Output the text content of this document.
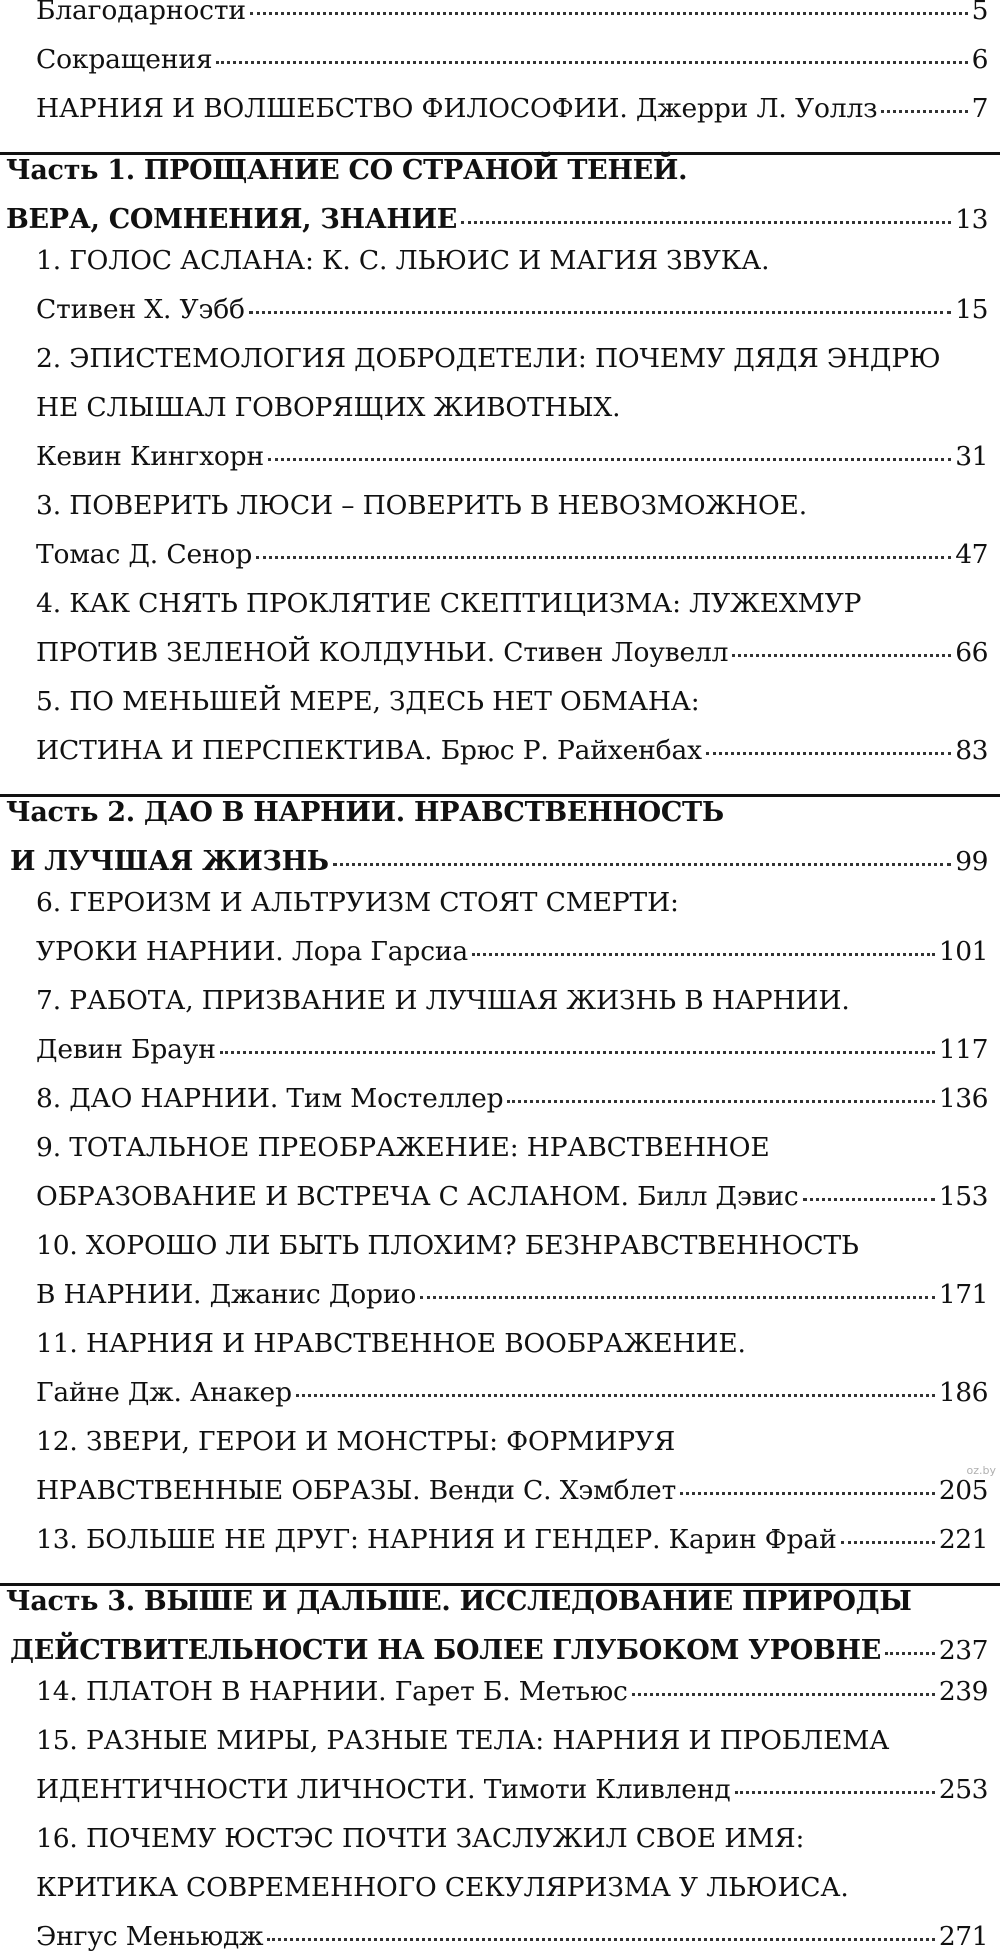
Благодарности	5
Сокращения	6
НАРНИЯ И ВОЛШЕБСТВО ФИЛОСОФИИ. Джерри Л. Уоллз	7
Часть 1. ПРОЩАНИЕ СО СТРАНОЙ ТЕНЕЙ.
ВЕРА, СОМНЕНИЯ, ЗНАНИЕ	13
1. ГОЛОС АСЛАНА: К. С. ЛЬЮИС И МАГИЯ ЗВУКА.
Стивен Х. Уэбб	15
2. ЭПИСТЕМОЛОГИЯ ДОБРОДЕТЕЛИ: ПОЧЕМУ ДЯДЯ ЭНДРЮ
НЕ СЛЫШАЛ ГОВОРЯЩИХ ЖИВОТНЫХ.
Кевин Кингхорн	31
3. ПОВЕРИТЬ ЛЮСИ – ПОВЕРИТЬ В НЕВОЗМОЖНОЕ.
Томас Д. Сенор	47
4. КАК СНЯТЬ ПРОКЛЯТИЕ СКЕПТИЦИЗМА: ЛУЖЕХМУР
ПРОТИВ ЗЕЛЕНОЙ КОЛДУНЬИ. Стивен Лоувелл	66
5. ПО МЕНЬШЕЙ МЕРЕ, ЗДЕСЬ НЕТ ОБМАНА:
ИСТИНА И ПЕРСПЕКТИВА. Брюс Р. Райхенбах	83
Часть 2. ДАО В НАРНИИ. НРАВСТВЕННОСТЬ
И ЛУЧШАЯ ЖИЗНЬ	99
6. ГЕРОИЗМ И АЛЬТРУИЗМ СТОЯТ СМЕРТИ:
УРОКИ НАРНИИ. Лора Гарсиа	101
7. РАБОТА, ПРИЗВАНИЕ И ЛУЧШАЯ ЖИЗНЬ В НАРНИИ.
Девин Браун	117
8. ДАО НАРНИИ. Тим Мостеллер	136
9. ТОТАЛЬНОЕ ПРЕОБРАЖЕНИЕ: НРАВСТВЕННОЕ
ОБРАЗОВАНИЕ И ВСТРЕЧА С АСЛАНОМ. Билл Дэвис	153
10. ХОРОШО ЛИ БЫТЬ ПЛОХИМ? БЕЗНРАВСТВЕННОСТЬ
В НАРНИИ. Джанис Дорио	171
11. НАРНИЯ И НРАВСТВЕННОЕ ВООБРАЖЕНИЕ.
Гайне Дж. Анакер	186
12. ЗВЕРИ, ГЕРОИ И МОНСТРЫ: ФОРМИРУЯ
НРАВСТВЕННЫЕ ОБРАЗЫ. Венди С. Хэмблет	205
13. БОЛЬШЕ НЕ ДРУГ: НАРНИЯ И ГЕНДЕР. Карин Фрай	221
Часть 3. ВЫШЕ И ДАЛЬШЕ. ИССЛЕДОВАНИЕ ПРИРОДЫ
ДЕЙСТВИТЕЛЬНОСТИ НА БОЛЕЕ ГЛУБОКОМ УРОВНЕ 237
14. ПЛАТОН В НАРНИИ. Гарет Б. Метьюс	239
15. РАЗНЫЕ МИРЫ, РАЗНЫЕ ТЕЛА: НАРНИЯ И ПРОБЛЕМА
ИДЕНТИЧНОСТИ ЛИЧНОСТИ. Тимоти Кливленд	253
16. ПОЧЕМУ ЮСТЭС ПОЧТИ ЗАСЛУЖИЛ СВОЕ ИМЯ:
КРИТИКА СОВРЕМЕННОГО СЕКУЛЯРИЗМА У ЛЬЮИСА.
Энгус Меньюдж	271
oz.by
